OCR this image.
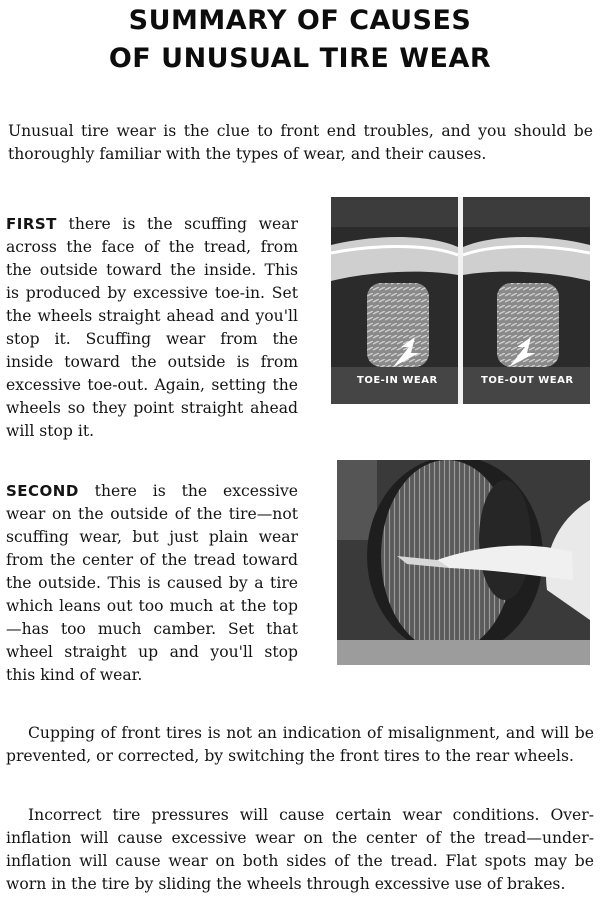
SUMMARY OF CAUSES
OF UNUSUAL TIRE WEAR

Unusual tire wear is the clue to front end troubles, and you should be thoroughly familiar with the types of wear, and their causes.

FIRST there is the scuffing wear across the face of the tread, from the outside toward the inside. This is produced by excessive toe-in. Set the wheels straight ahead and you'll stop it. Scuffing wear from the inside toward the outside is from excessive toe-out. Again, setting the wheels so they point straight ahead will stop it.

TOE-IN WEAR	TOE-OUT WEAR

SECOND there is the excessive wear on the outside of the tire—not scuffing wear, but just plain wear from the center of the tread toward the outside. This is caused by a tire which leans out too much at the top—has too much camber. Set that wheel straight up and you'll stop this kind of wear.

Cupping of front tires is not an indication of misalignment, and will be prevented, or corrected, by switching the front tires to the rear wheels.

Incorrect tire pressures will cause certain wear conditions. Over-inflation will cause excessive wear on the center of the tread—under-inflation will cause wear on both sides of the tread. Flat spots may be worn in the tire by sliding the wheels through excessive use of brakes.
